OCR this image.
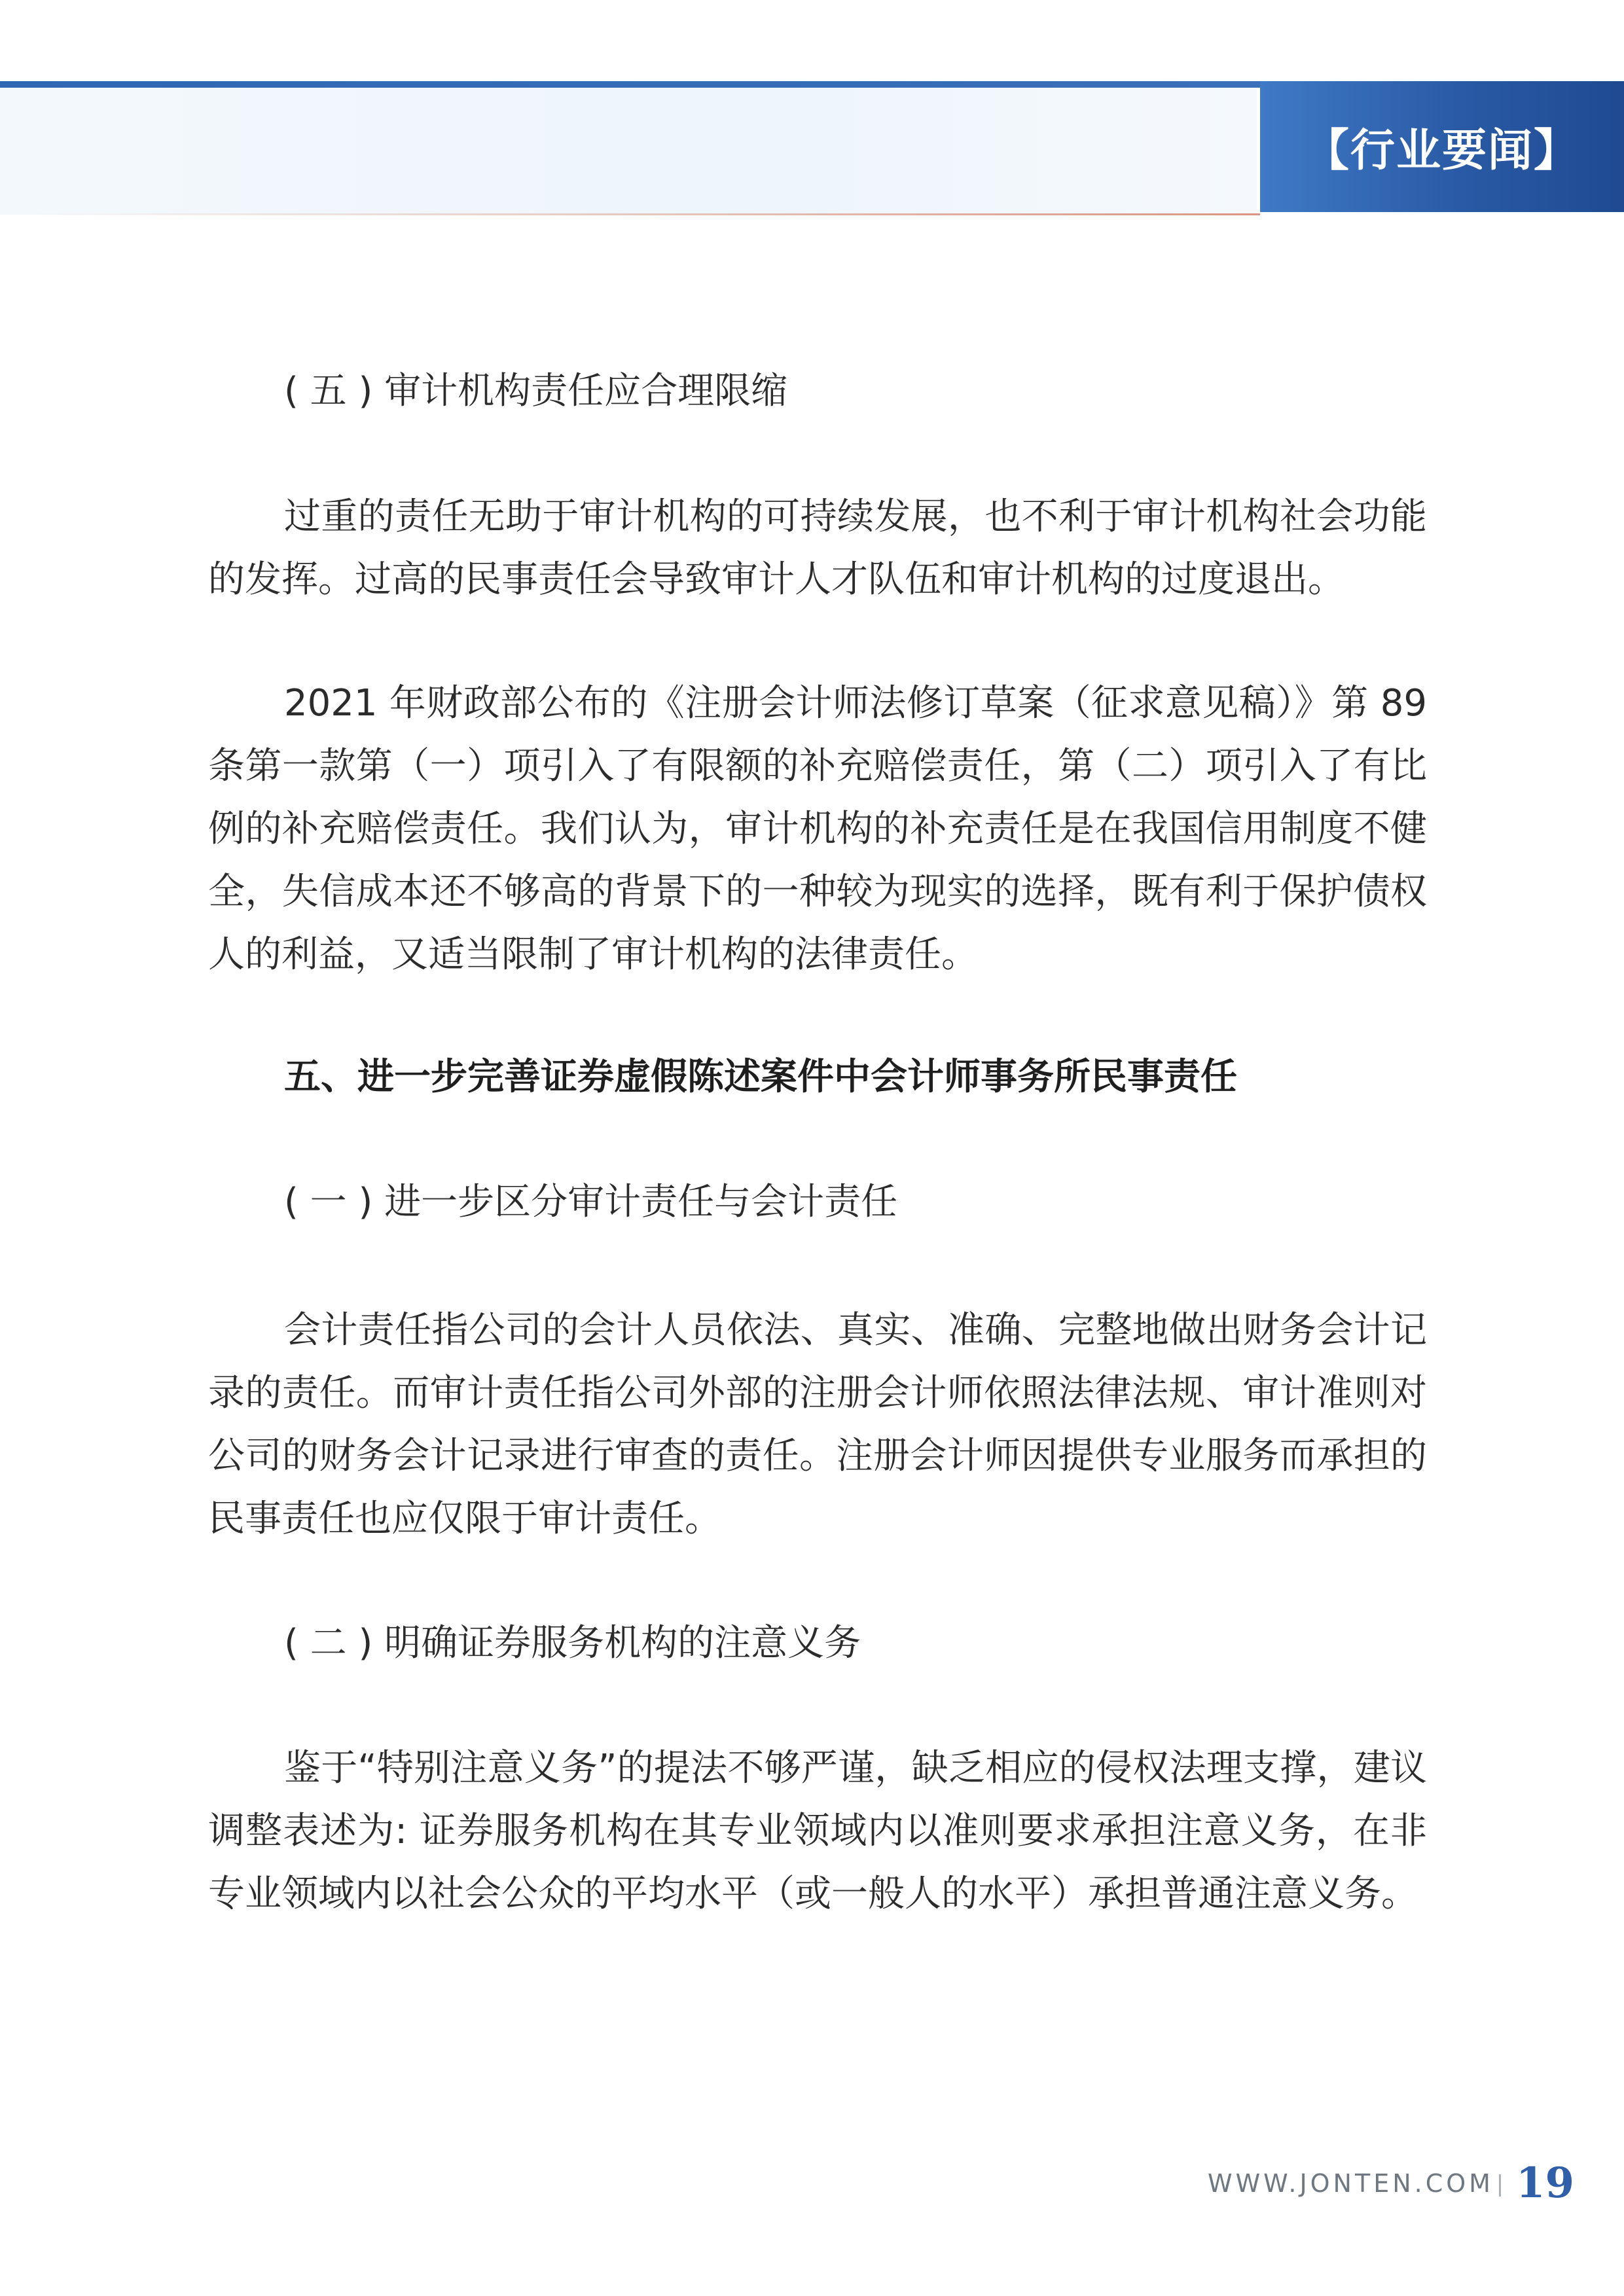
【行业要闻】

( 五 ) 审计机构责任应合理限缩

过重的责任无助于审计机构的可持续发展，也不利于审计机构社会功能的发挥。过高的民事责任会导致审计人才队伍和审计机构的过度退出。

2021 年财政部公布的《注册会计师法修订草案（征求意见稿）》第 89 条第一款第（一）项引入了有限额的补充赔偿责任，第（二）项引入了有比例的补充赔偿责任。我们认为，审计机构的补充责任是在我国信用制度不健全，失信成本还不够高的背景下的一种较为现实的选择，既有利于保护债权人的利益，又适当限制了审计机构的法律责任。

五、进一步完善证券虚假陈述案件中会计师事务所民事责任

( 一 ) 进一步区分审计责任与会计责任

会计责任指公司的会计人员依法、真实、准确、完整地做出财务会计记录的责任。而审计责任指公司外部的注册会计师依照法律法规、审计准则对公司的财务会计记录进行审查的责任。注册会计师因提供专业服务而承担的民事责任也应仅限于审计责任。

( 二 ) 明确证券服务机构的注意义务

鉴于“特别注意义务”的提法不够严谨，缺乏相应的侵权法理支撑，建议调整表述为: 证券服务机构在其专业领域内以准则要求承担注意义务，在非专业领域内以社会公众的平均水平（或一般人的水平）承担普通注意义务。

WWW.JONTEN.COM 19
